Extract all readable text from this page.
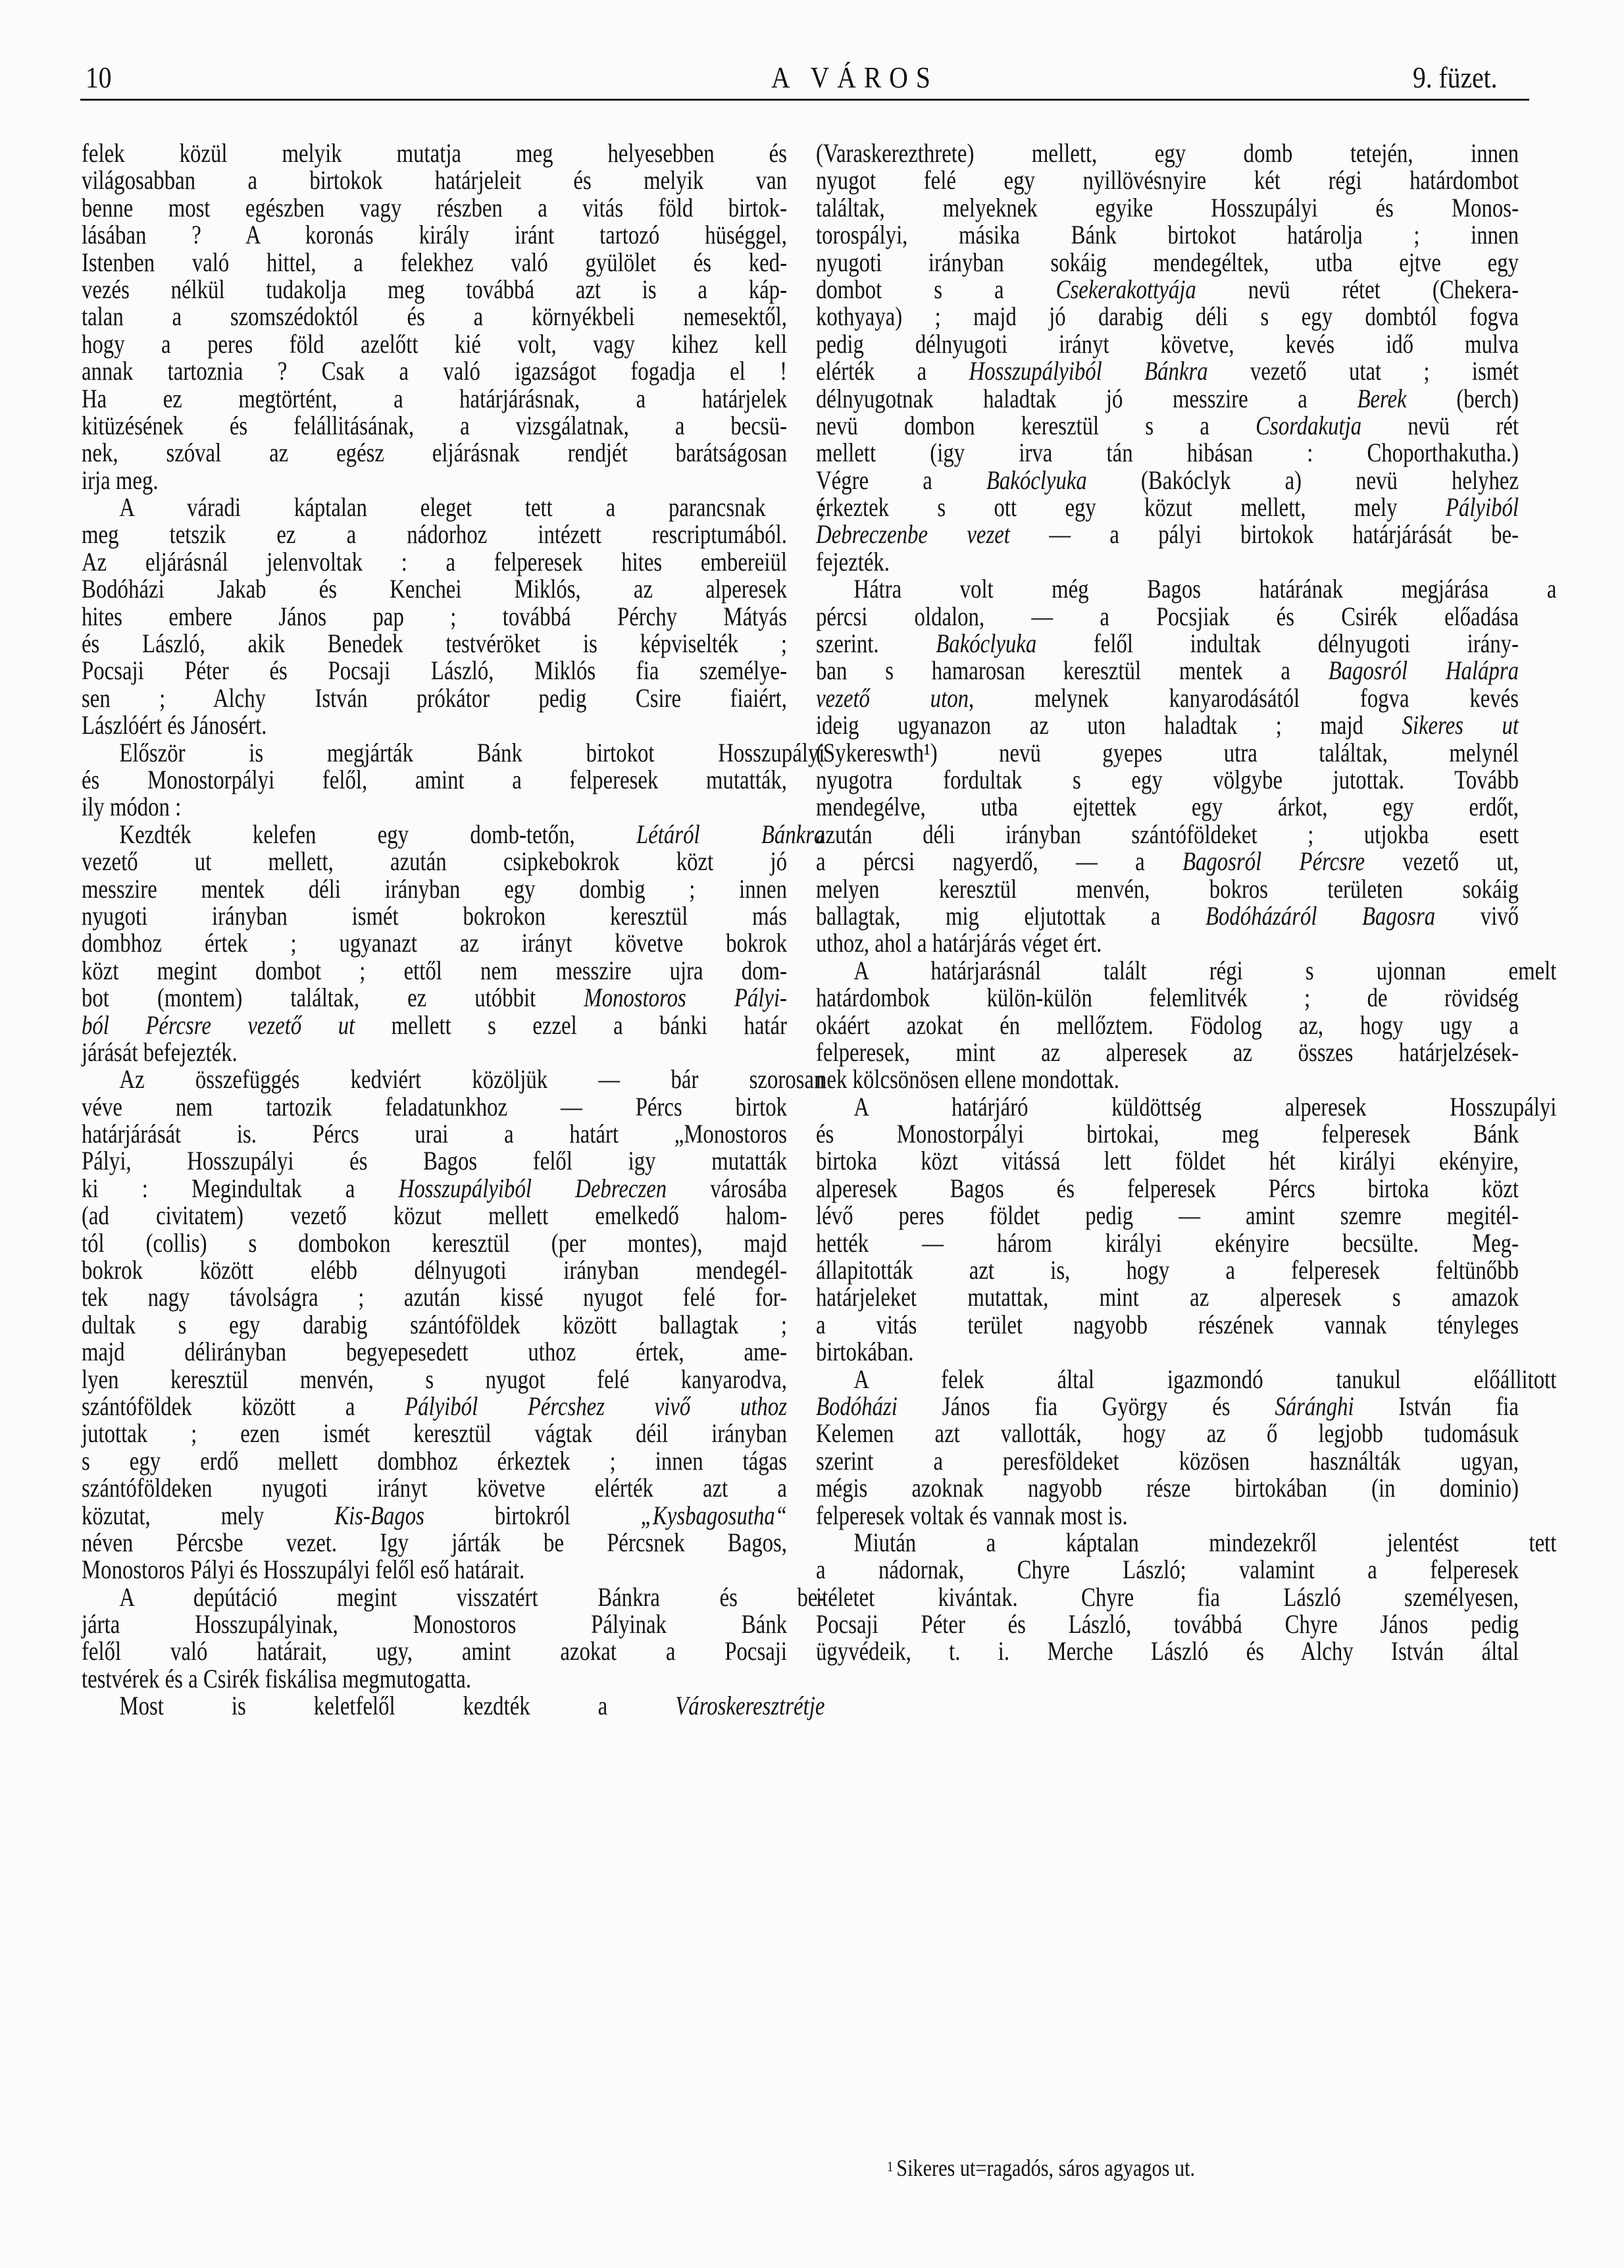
10	A VÁROS	9. füzet.
felek közül melyik mutatja meg helyesebben és
világosabban a birtokok határjeleit és melyik van
benne most egészben vagy részben a vitás föld birtok-
lásában ? A koronás király iránt tartozó hüséggel,
Istenben való hittel, a felekhez való gyülölet és ked-
vezés nélkül tudakolja meg továbbá azt is a káp-
talan a szomszédoktól és a környékbeli nemesektől,
hogy a peres föld azelőtt kié volt, vagy kihez kell
annak tartoznia ? Csak a való igazságot fogadja el !
Ha ez megtörtént, a határjárásnak, a határjelek
kitüzésének és felállitásának, a vizsgálatnak, a becsü-
nek, szóval az egész eljárásnak rendjét barátságosan
irja meg.
A váradi káptalan eleget tett a parancsnak ;
meg tetszik ez a nádorhoz intézett rescriptumából.
Az eljárásnál jelenvoltak : a felperesek hites embereiül
Bodóházi Jakab és Kenchei Miklós, az alperesek
hites embere János pap ; továbbá Pérchy Mátyás
és László, akik Benedek testvéröket is képviselték ;
Pocsaji Péter és Pocsaji László, Miklós fia személye-
sen ; Alchy István prókátor pedig Csire fiaiért,
Lászlóért és Jánosért.
Először is megjárták Bánk birtokot Hosszupályi
és Monostorpályi felől, amint a felperesek mutatták,
ily módon :
Kezdték kelefen egy domb-tetőn, Létáról Bánkra
vezető ut mellett, azután csipkebokrok közt jó
messzire mentek déli irányban egy dombig ; innen
nyugoti irányban ismét bokrokon keresztül más
dombhoz értek ; ugyanazt az irányt követve bokrok
közt megint dombot ; ettől nem messzire ujra dom-
bot (montem) találtak, ez utóbbit Monostoros Pályi-
ból Pércsre vezető ut mellett s ezzel a bánki határ
járását befejezték.
Az összefüggés kedviért közöljük — bár szorosan
véve nem tartozik feladatunkhoz — Pércs birtok
határjárását is. Pércs urai a határt „Monostoros
Pályi, Hosszupályi és Bagos felől igy mutatták
ki : Megindultak a Hosszupályiból Debreczen városába
(ad civitatem) vezető közut mellett emelkedő halom-
tól (collis) s dombokon keresztül (per montes), majd
bokrok között elébb délnyugoti irányban mendegél-
tek nagy távolságra ; azután kissé nyugot felé for-
dultak s egy darabig szántóföldek között ballagtak ;
majd délirányban begyepesedett uthoz értek, ame-
lyen keresztül menvén, s nyugot felé kanyarodva,
szántóföldek között a Pályiból Pércshez vivő uthoz
jutottak ; ezen ismét keresztül vágtak déil irányban
s egy erdő mellett dombhoz érkeztek ; innen tágas
szántóföldeken nyugoti irányt követve elérték azt a
közutat, mely Kis-Bagos birtokról „Kysbagosutha“
néven Pércsbe vezet. Igy járták be Pércsnek Bagos,
Monostoros Pályi és Hosszupályi felől eső határait.
A depútáció megint visszatért Bánkra és be-
járta Hosszupályinak, Monostoros Pályinak Bánk
felől való határait, ugy, amint azokat a Pocsaji
testvérek és a Csirék fiskálisa megmutogatta.
Most is keletfelől kezdték a Városkeresztrétje
(Varaskerezthrete) mellett, egy domb tetején, innen
nyugot felé egy nyillövésnyire két régi határdombot
találtak, melyeknek egyike Hosszupályi és Monos-
torospályi, másika Bánk birtokot határolja ; innen
nyugoti irányban sokáig mendegéltek, utba ejtve egy
dombot s a Csekerakottyája nevü rétet (Chekera-
kothyaya) ; majd jó darabig déli s egy dombtól fogva
pedig délnyugoti irányt követve, kevés idő mulva
elérték a Hosszupályiból Bánkra vezető utat ; ismét
délnyugotnak haladtak jó messzire a Berek (berch)
nevü dombon keresztül s a Csordakutja nevü rét
mellett (igy irva tán hibásan : Choporthakutha.)
Végre a Bakóclyuka (Bakóclyk a) nevü helyhez
érkeztek s ott egy közut mellett, mely Pályiból
Debreczenbe vezet — a pályi birtokok határjárását be-
fejezték.
Hátra volt még Bagos határának megjárása a
pércsi oldalon, — a Pocsjiak és Csirék előadása
szerint. Bakóclyuka felől indultak délnyugoti irány-
ban s hamarosan keresztül mentek a Bagosról Halápra
vezető uton, melynek kanyarodásától fogva kevés
ideig ugyanazon az uton haladtak ; majd Sikeres ut
(Sykereswth¹) nevü gyepes utra találtak, melynél
nyugotra fordultak s egy völgybe jutottak. Tovább
mendegélve, utba ejtettek egy árkot, egy erdőt,
azután déli irányban szántóföldeket ; utjokba esett
a pércsi nagyerdő, — a Bagosról Pércsre vezető ut,
melyen keresztül menvén, bokros területen sokáig
ballagtak, mig eljutottak a Bodóházáról Bagosra vivő
uthoz, ahol a határjárás véget ért.
A határjarásnál talált régi s ujonnan emelt
határdombok külön-külön felemlitvék ; de rövidség
okáért azokat én mellőztem. Födolog az, hogy ugy a
felperesek, mint az alperesek az összes határjelzések-
nek kölcsönösen ellene mondottak.
A határjáró küldöttség alperesek Hosszupályi
és Monostorpályi birtokai, meg felperesek Bánk
birtoka közt vitássá lett földet hét királyi ekényire,
alperesek Bagos és felperesek Pércs birtoka közt
lévő peres földet pedig — amint szemre megitél-
hették — három királyi ekényire becsülte. Meg-
állapitották azt is, hogy a felperesek feltünőbb
határjeleket mutattak, mint az alperesek s amazok
a vitás terület nagyobb részének vannak tényleges
birtokában.
A felek által igazmondó tanukul előállitott
Bodóházi János fia György és Sáránghi István fia
Kelemen azt vallották, hogy az ő legjobb tudomásuk
szerint a peresföldeket közösen használták ugyan,
mégis azoknak nagyobb része birtokában (in dominio)
felperesek voltak és vannak most is.
Miután a káptalan mindezekről jelentést tett
a nádornak, Chyre László; valamint a felperesek
itéletet kivántak. Chyre fia László személyesen,
Pocsaji Péter és László, továbbá Chyre János pedig
ügyvédeik, t. i. Merche László és Alchy István által
$^1$ Sikeres ut=ragadós, sáros agyagos ut.
